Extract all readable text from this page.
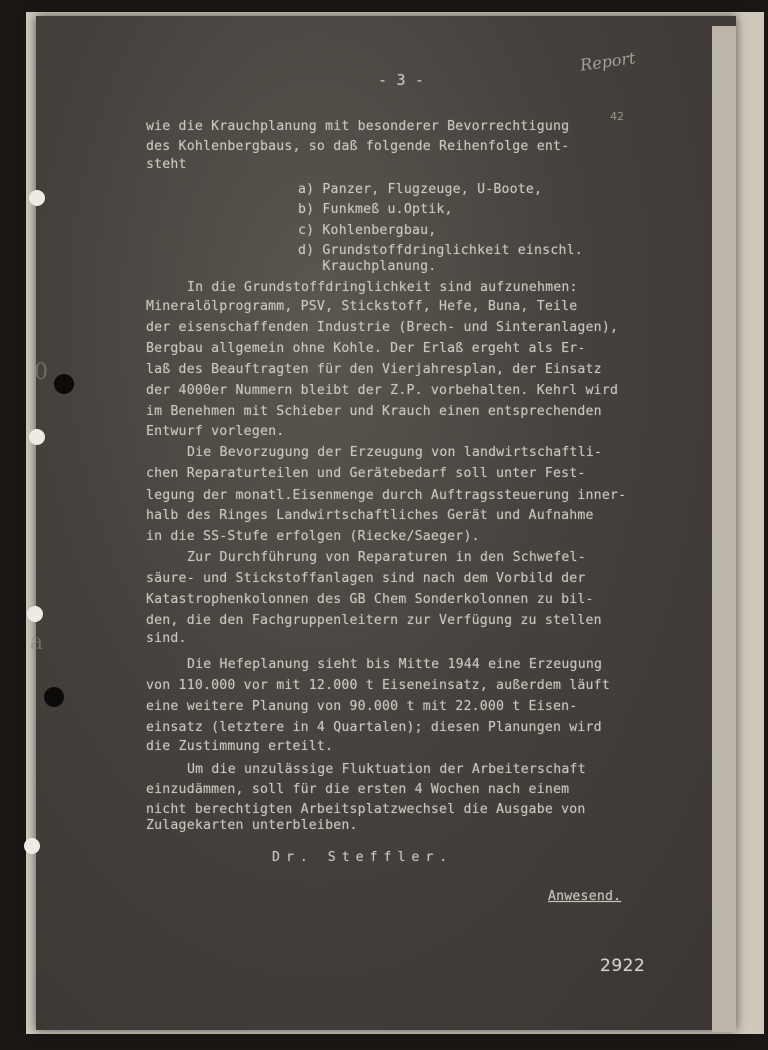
0
a
- 3 -
Report
42
wie die Krauchplanung mit besonderer Bevorrechtigung
des Kohlenbergbaus, so daß folgende Reihenfolge ent-
steht
a) Panzer, Flugzeuge, U-Boote,
b) Funkmeß u.Optik,
c) Kohlenbergbau,
d) Grundstoffdringlichkeit einschl.
Krauchplanung.
In die Grundstoffdringlichkeit sind aufzunehmen:
Mineralölprogramm, PSV, Stickstoff, Hefe, Buna, Teile
der eisenschaffenden Industrie (Brech- und Sinteranlagen),
Bergbau allgemein ohne Kohle. Der Erlaß ergeht als Er-
laß des Beauftragten für den Vierjahresplan, der Einsatz
der 4000er Nummern bleibt der Z.P. vorbehalten. Kehrl wird
im Benehmen mit Schieber und Krauch einen entsprechenden
Entwurf vorlegen.
Die Bevorzugung der Erzeugung von landwirtschaftli-
chen Reparaturteilen und Gerätebedarf soll unter Fest-
legung der monatl.Eisenmenge durch Auftragssteuerung inner-
halb des Ringes Landwirtschaftliches Gerät und Aufnahme
in die SS-Stufe erfolgen (Riecke/Saeger).
Zur Durchführung von Reparaturen in den Schwefel-
säure- und Stickstoffanlagen sind nach dem Vorbild der
Katastrophenkolonnen des GB Chem Sonderkolonnen zu bil-
den, die den Fachgruppenleitern zur Verfügung zu stellen
sind.
Die Hefeplanung sieht bis Mitte 1944 eine Erzeugung
von 110.000 vor mit 12.000 t Eiseneinsatz, außerdem läuft
eine weitere Planung von 90.000 t mit 22.000 t Eisen-
einsatz (letztere in 4 Quartalen); diesen Planungen wird
die Zustimmung erteilt.
Um die unzulässige Fluktuation der Arbeiterschaft
einzudämmen, soll für die ersten 4 Wochen nach einem
nicht berechtigten Arbeitsplatzwechsel die Ausgabe von
Zulagekarten unterbleiben.
Dr. Steffler.
Anwesend.
2922
